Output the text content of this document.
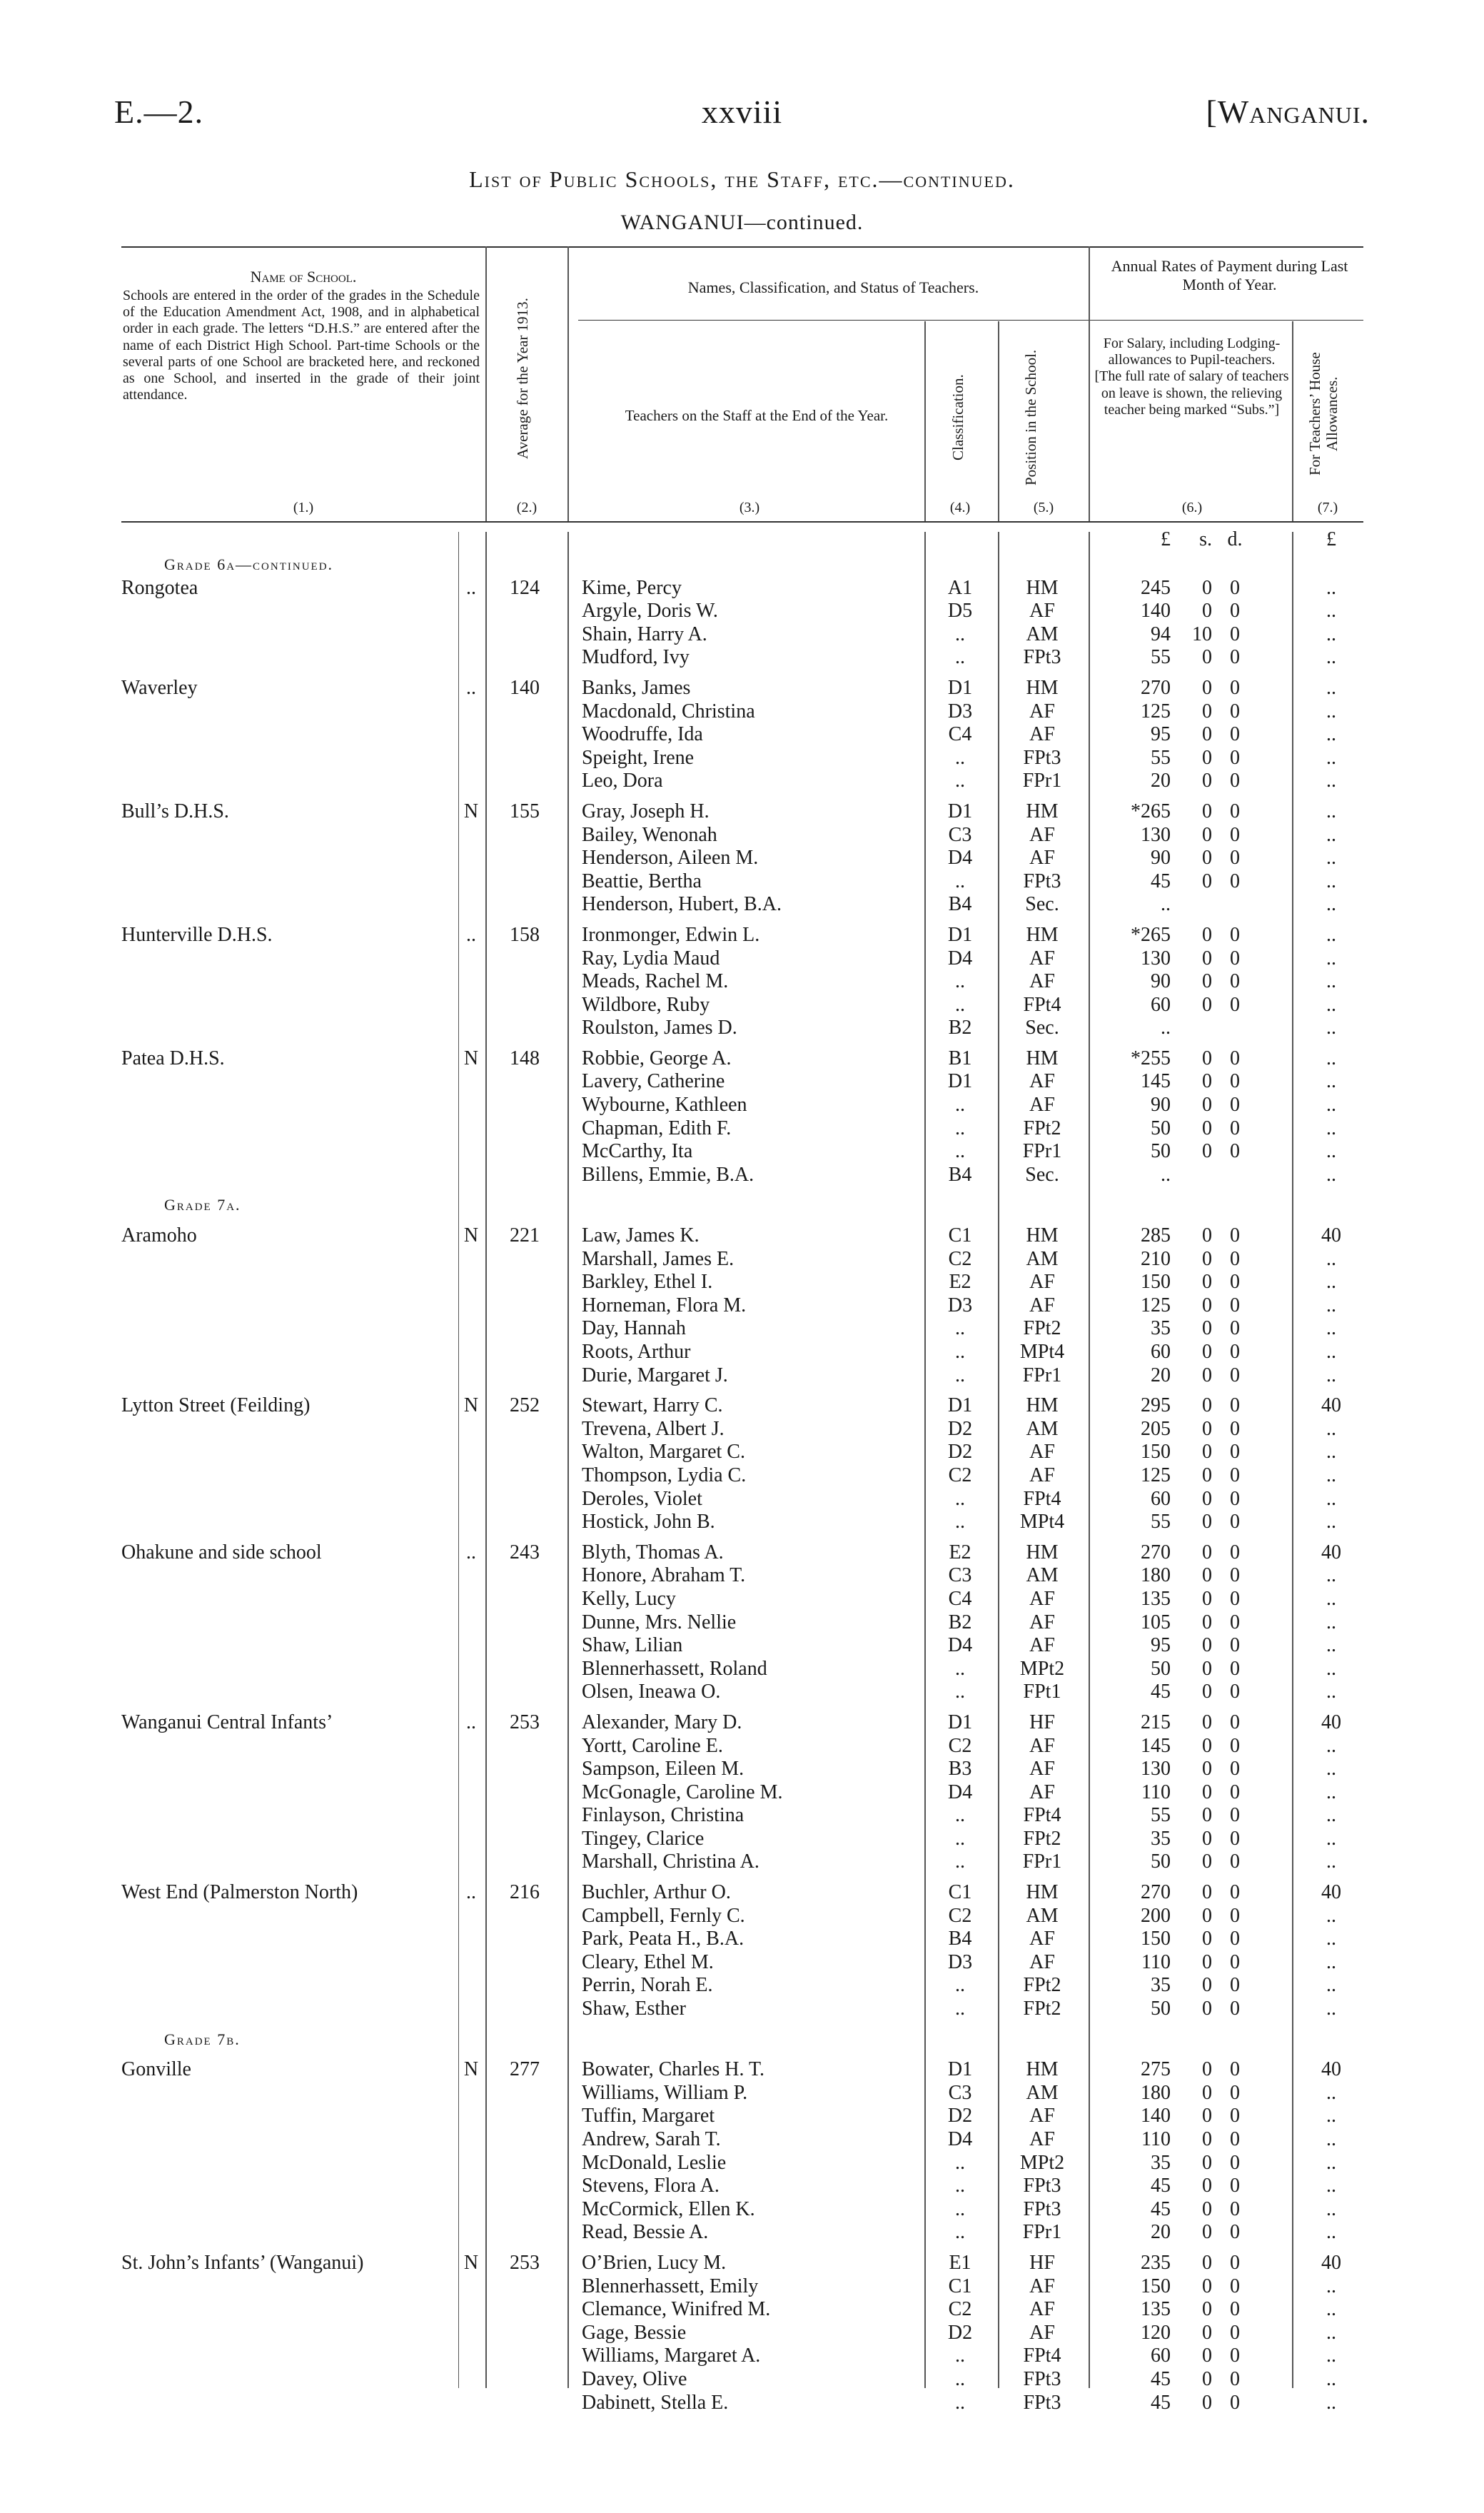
E.—2.	xxviii	[Wanganui.
List of Public Schools, the Staff, etc.—continued.
WANGANUI—continued.
Name of School.
Schools are entered in the order of the grades in the Schedule of the Education Amendment Act, 1908, and in alphabetical order in each grade. The letters “D.H.S.” are entered after the name of each District High School. Part-time Schools or the several parts of one School are bracketed here, and reckoned as one School, and inserted in the grade of their joint attendance.
(1.)
Average for the Year 1913.
(2.)
Names, Classification, and Status of Teachers.
Teachers on the Staff at the End of the Year.
(3.)
Classification.
(4.)
Position in the School.
(5.)
Annual Rates of Payment during Last Month of Year.
For Salary, including Lodging-allowances to Pupil-teachers. [The full rate of salary of teachers on leave is shown, the relieving teacher being marked “Subs.”]
(6.)
For Teachers’ House Allowances.
(7.)
£	s. d.	£
Grade 6a—continued.
Rongotea	..	124	Kime, Percy	A1	HM	245	0 0	..
Argyle, Doris W.	D5	AF	140	0 0	..
Shain, Harry A.	..	AM	94	10 0	..
Mudford, Ivy	..	FPt3	55	0 0	..
Waverley	..	140	Banks, James	D1	HM	270	0 0	..
Macdonald, Christina	D3	AF	125	0 0	..
Woodruffe, Ida	C4	AF	95	0 0	..
Speight, Irene	..	FPt3	55	0 0	..
Leo, Dora	..	FPr1	20	0 0	..
Bull’s D.H.S.	N	155	Gray, Joseph H.	D1	HM	*265	0 0	..
Bailey, Wenonah	C3	AF	130	0 0	..
Henderson, Aileen M.	D4	AF	90	0 0	..
Beattie, Bertha	..	FPt3	45	0 0	..
Henderson, Hubert, B.A.	B4	Sec.	..	..
Hunterville D.H.S.	..	158	Ironmonger, Edwin L.	D1	HM	*265	0 0	..
Ray, Lydia Maud	D4	AF	130	0 0	..
Meads, Rachel M.	..	AF	90	0 0	..
Wildbore, Ruby	..	FPt4	60	0 0	..
Roulston, James D.	B2	Sec.	..	..
Patea D.H.S.	N	148	Robbie, George A.	B1	HM	*255	0 0	..
Lavery, Catherine	D1	AF	145	0 0	..
Wybourne, Kathleen	..	AF	90	0 0	..
Chapman, Edith F.	..	FPt2	50	0 0	..
McCarthy, Ita	..	FPr1	50	0 0	..
Billens, Emmie, B.A.	B4	Sec.	..	..
Grade 7a.
Aramoho	N	221	Law, James K.	C1	HM	285	0 0	40
Marshall, James E.	C2	AM	210	0 0	..
Barkley, Ethel I.	E2	AF	150	0 0	..
Horneman, Flora M.	D3	AF	125	0 0	..
Day, Hannah	..	FPt2	35	0 0	..
Roots, Arthur	..	MPt4	60	0 0	..
Durie, Margaret J.	..	FPr1	20	0 0	..
Lytton Street (Feilding)	N	252	Stewart, Harry C.	D1	HM	295	0 0	40
Trevena, Albert J.	D2	AM	205	0 0	..
Walton, Margaret C.	D2	AF	150	0 0	..
Thompson, Lydia C.	C2	AF	125	0 0	..
Deroles, Violet	..	FPt4	60	0 0	..
Hostick, John B.	..	MPt4	55	0 0	..
Ohakune and side school	..	243	Blyth, Thomas A.	E2	HM	270	0 0	40
Honore, Abraham T.	C3	AM	180	0 0	..
Kelly, Lucy	C4	AF	135	0 0	..
Dunne, Mrs. Nellie	B2	AF	105	0 0	..
Shaw, Lilian	D4	AF	95	0 0	..
Blennerhassett, Roland	..	MPt2	50	0 0	..
Olsen, Ineawa O.	..	FPt1	45	0 0	..
Wanganui Central Infants’	..	253	Alexander, Mary D.	D1	HF	215	0 0	40
Yortt, Caroline E.	C2	AF	145	0 0	..
Sampson, Eileen M.	B3	AF	130	0 0	..
McGonagle, Caroline M.	D4	AF	110	0 0	..
Finlayson, Christina	..	FPt4	55	0 0	..
Tingey, Clarice	..	FPt2	35	0 0	..
Marshall, Christina A.	..	FPr1	50	0 0	..
West End (Palmerston North)	..	216	Buchler, Arthur O.	C1	HM	270	0 0	40
Campbell, Fernly C.	C2	AM	200	0 0	..
Park, Peata H., B.A.	B4	AF	150	0 0	..
Cleary, Ethel M.	D3	AF	110	0 0	..
Perrin, Norah E.	..	FPt2	35	0 0	..
Shaw, Esther	..	FPt2	50	0 0	..
Grade 7b.
Gonville	N	277	Bowater, Charles H. T.	D1	HM	275	0 0	40
Williams, William P.	C3	AM	180	0 0	..
Tuffin, Margaret	D2	AF	140	0 0	..
Andrew, Sarah T.	D4	AF	110	0 0	..
McDonald, Leslie	..	MPt2	35	0 0	..
Stevens, Flora A.	..	FPt3	45	0 0	..
McCormick, Ellen K.	..	FPt3	45	0 0	..
Read, Bessie A.	..	FPr1	20	0 0	..
St. John’s Infants’ (Wanganui)	N	253	O’Brien, Lucy M.	E1	HF	235	0 0	40
Blennerhassett, Emily	C1	AF	150	0 0	..
Clemance, Winifred M.	C2	AF	135	0 0	..
Gage, Bessie	D2	AF	120	0 0	..
Williams, Margaret A.	..	FPt4	60	0 0	..
Davey, Olive	..	FPt3	45	0 0	..
Dabinett, Stella E.	..	FPt3	45	0 0	..
